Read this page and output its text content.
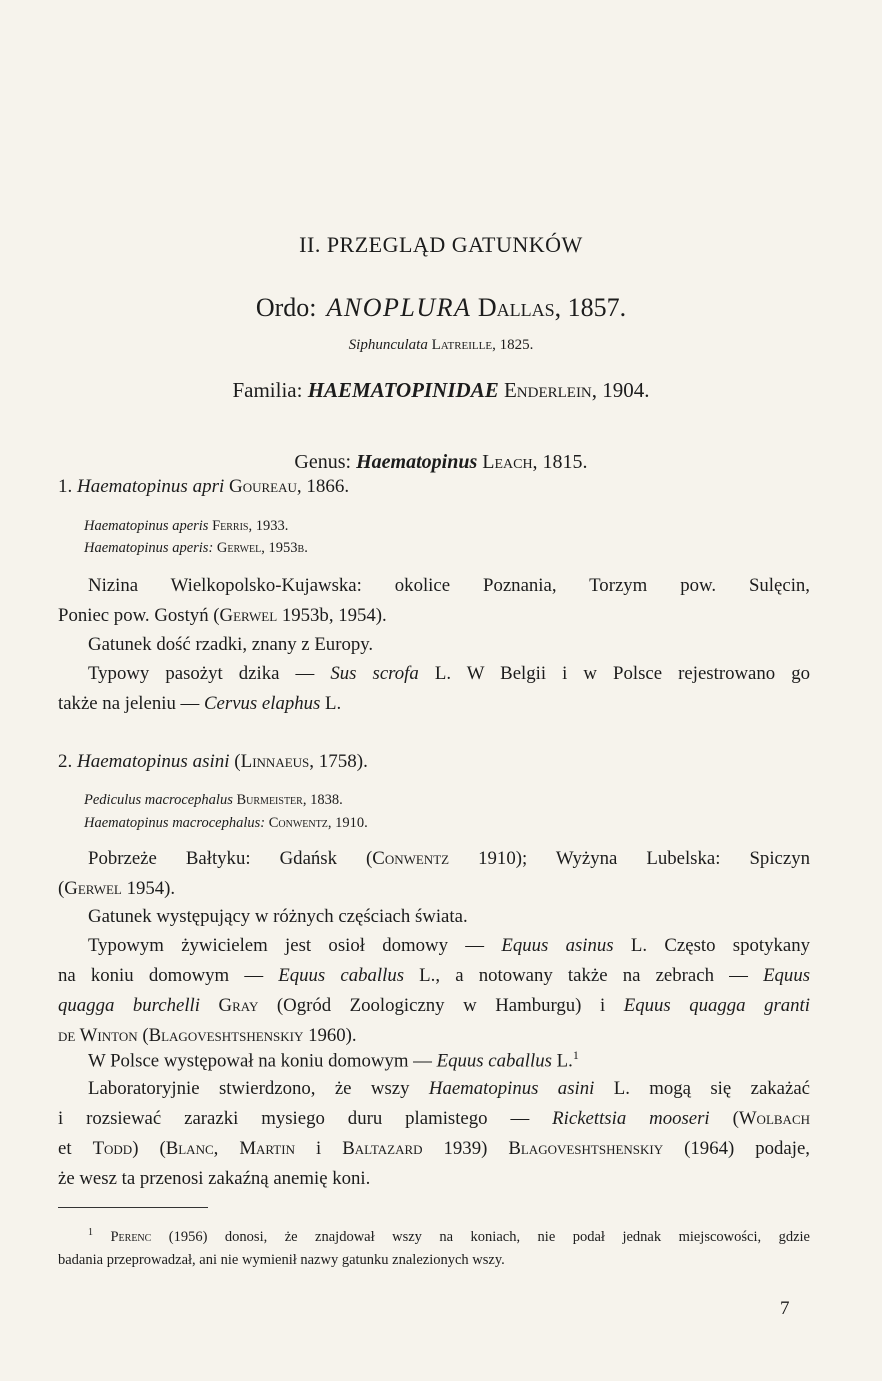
II. PRZEGLĄD GATUNKÓW
Ordo: ANOPLURA Dallas, 1857.
Siphunculata Latreille, 1825.
Familia: HAEMATOPINIDAE Enderlein, 1904.
Genus: Haematopinus Leach, 1815.
1. Haematopinus apri Goureau, 1866.
Haematopinus aperis Ferris, 1933.
Haematopinus aperis: Gerwel, 1953b.
Nizina Wielkopolsko-Kujawska: okolice Poznania, Torzym pow. Sulęcin,
Poniec pow. Gostyń (Gerwel 1953b, 1954).
Gatunek dość rzadki, znany z Europy.
Typowy pasożyt dzika — Sus scrofa L. W Belgii i w Polsce rejestrowano go
także na jeleniu — Cervus elaphus L.
2. Haematopinus asini (Linnaeus, 1758).
Pediculus macrocephalus Burmeister, 1838.
Haematopinus macrocephalus: Conwentz, 1910.
Pobrzeże Bałtyku: Gdańsk (Conwentz 1910); Wyżyna Lubelska: Spiczyn
(Gerwel 1954).
Gatunek występujący w różnych częściach świata.
Typowym żywicielem jest osioł domowy — Equus asinus L. Często spotykany
na koniu domowym — Equus caballus L., a notowany także na zebrach — Equus
quagga burchelli Gray (Ogród Zoologiczny w Hamburgu) i Equus quagga granti
de Winton (Blagoveshtshenskiy 1960).
W Polsce występował na koniu domowym — Equus caballus L.$^1$
Laboratoryjnie stwierdzono, że wszy Haematopinus asini L. mogą się zakażać
i rozsiewać zarazki mysiego duru plamistego — Rickettsia mooseri (Wolbach
et Todd) (Blanc, Martin i Baltazard 1939) Blagoveshtshenskiy (1964) podaje,
że wesz ta przenosi zakaźną anemię koni.
$^1$ Perenc (1956) donosi, że znajdował wszy na koniach, nie podał jednak miejscowości, gdzie
badania przeprowadzał, ani nie wymienił nazwy gatunku znalezionych wszy.
7
